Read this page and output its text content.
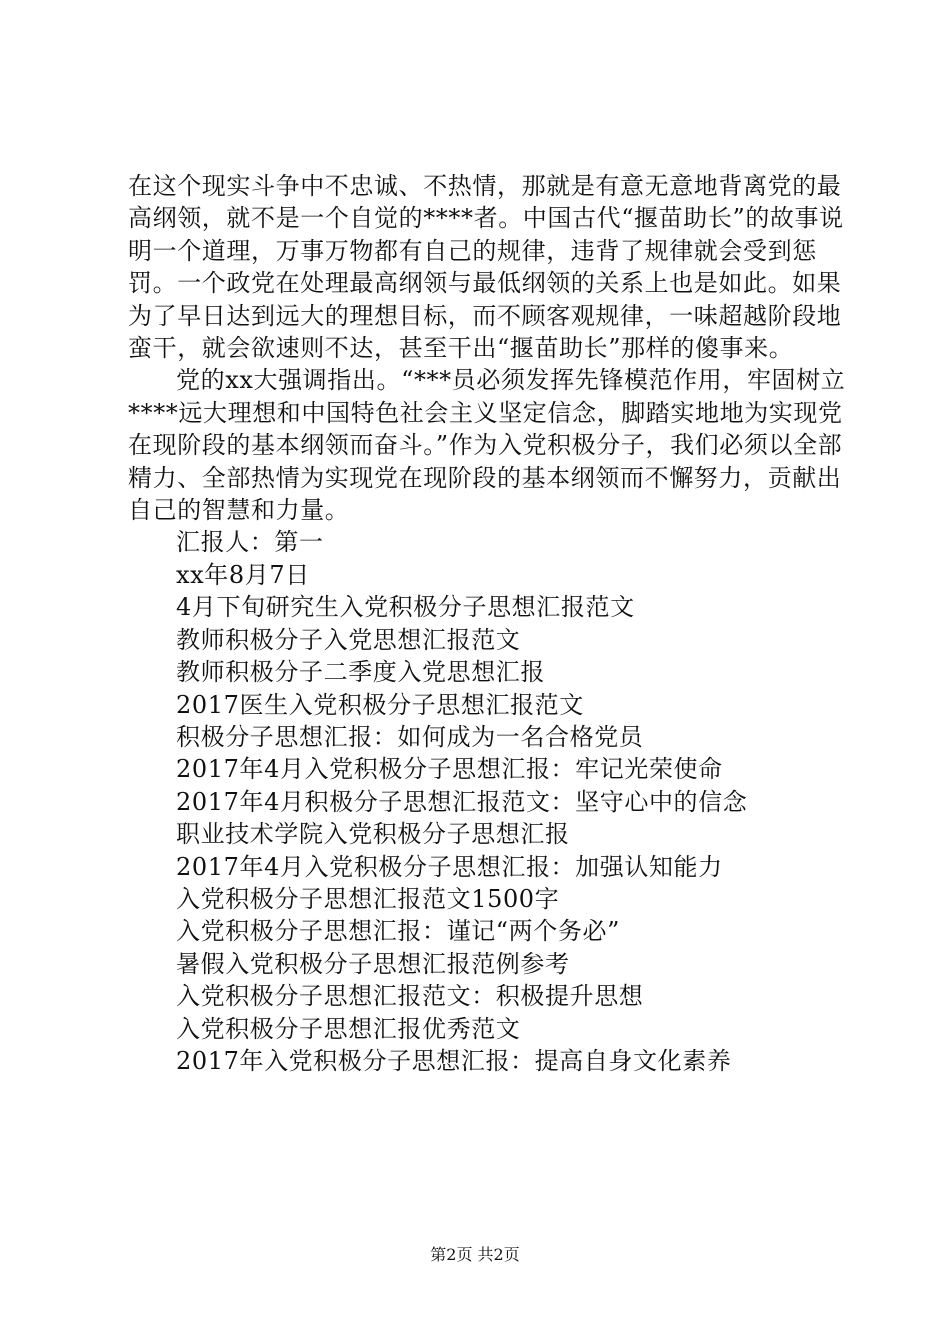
在这个现实斗争中不忠诚、不热情，那就是有意无意地背离党的最高纲领，就不是一个自觉的****者。中国古代“揠苗助长”的故事说明一个道理，万事万物都有自己的规律，违背了规律就会受到惩罚。一个政党在处理最高纲领与最低纲领的关系上也是如此。如果为了早日达到远大的理想目标，而不顾客观规律，一味超越阶段地蛮干，就会欲速则不达，甚至干出“揠苗助长”那样的傻事来。

党的xx大强调指出。“***员必须发挥先锋模范作用，牢固树立****远大理想和中国特色社会主义坚定信念，脚踏实地地为实现党在现阶段的基本纲领而奋斗。”作为入党积极分子，我们必须以全部精力、全部热情为实现党在现阶段的基本纲领而不懈努力，贡献出自己的智慧和力量。

汇报人：第一
xx年8月7日
4月下旬研究生入党积极分子思想汇报范文
教师积极分子入党思想汇报范文
教师积极分子二季度入党思想汇报
2017医生入党积极分子思想汇报范文
积极分子思想汇报：如何成为一名合格党员
2017年4月入党积极分子思想汇报：牢记光荣使命
2017年4月积极分子思想汇报范文：坚守心中的信念
职业技术学院入党积极分子思想汇报
2017年4月入党积极分子思想汇报：加强认知能力
入党积极分子思想汇报范文1500字
入党积极分子思想汇报：谨记“两个务必”
暑假入党积极分子思想汇报范例参考
入党积极分子思想汇报范文：积极提升思想
入党积极分子思想汇报优秀范文
2017年入党积极分子思想汇报：提高自身文化素养
第2页 共2页
